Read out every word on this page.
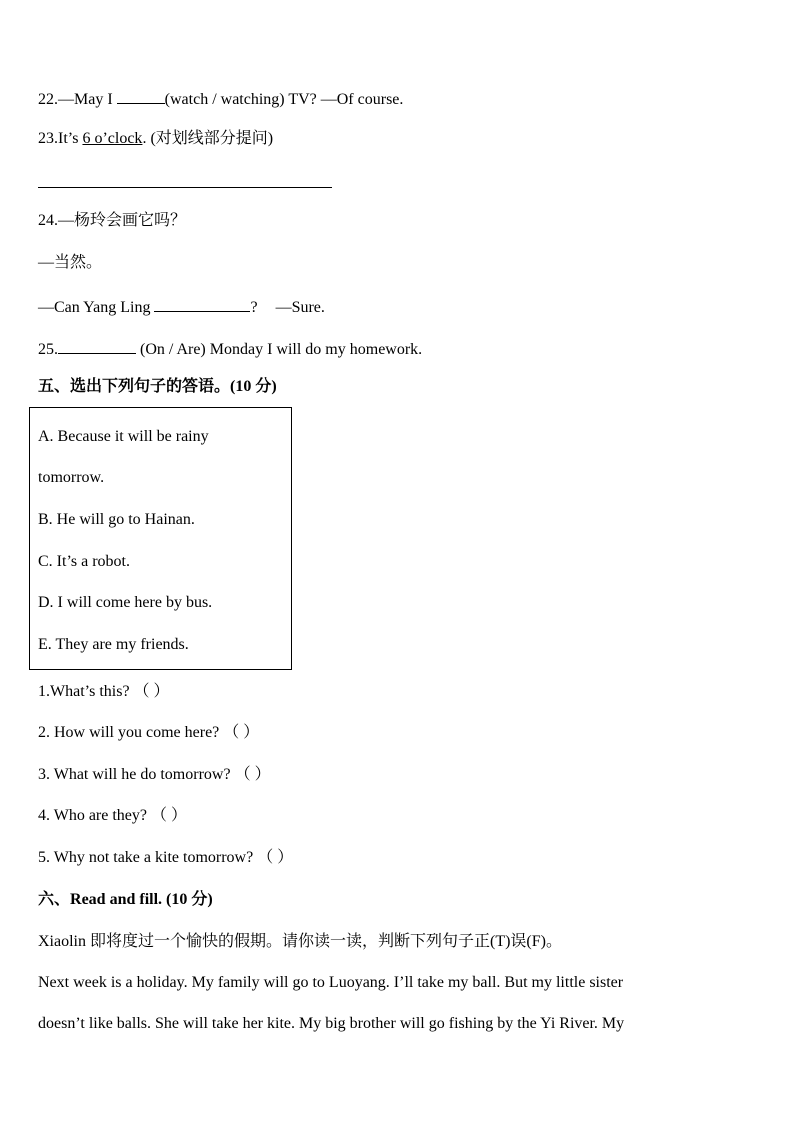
22.—May I	(watch / watching) TV? —Of course.
23.It’s 6 o’clock. (对划线部分提问)
24.—杨玲会画它吗？
—当然。
—Can Yang Ling	? —Sure.
25.	(On / Are) Monday I will do my homework.
五、选出下列句子的答语。(10 分)
A. Because it will be rainy
tomorrow.
B. He will go to Hainan.
C. It’s a robot.
D. I will come here by bus.
E. They are my friends.
1.What’s this? （ ）
2. How will you come here? （ ）
3. What will he do tomorrow? （ ）
4. Who are they? （ ）
5. Why not take a kite tomorrow? （ ）
六、Read and fill. (10 分)
Xiaolin 即将度过一个愉快的假期。请你读一读，判断下列句子正(T)误(F)。
Next week is a holiday. My family will go to Luoyang. I’ll take my ball. But my little sister
doesn’t like balls. She will take her kite. My big brother will go fishing by the Yi River. My
